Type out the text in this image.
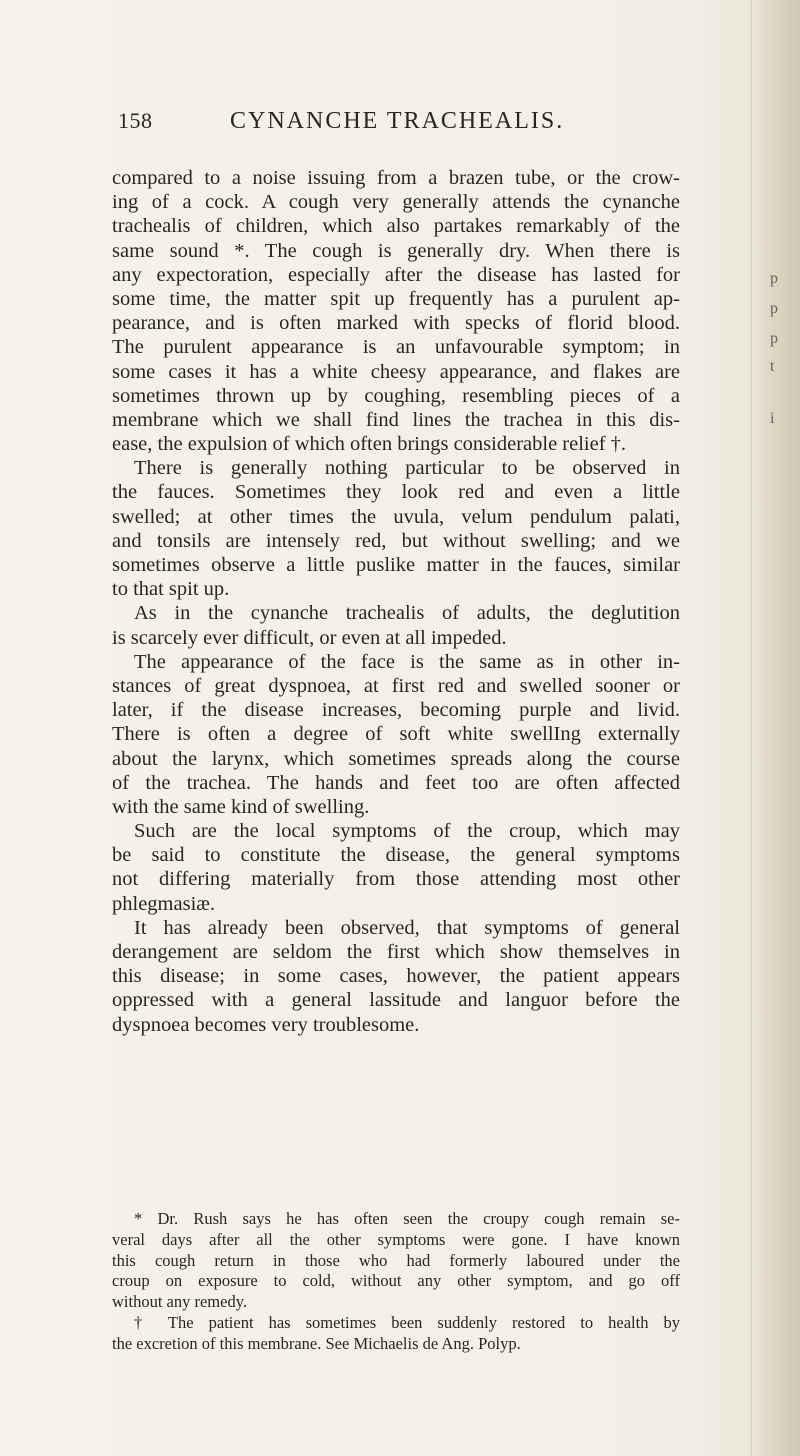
158	CYNANCHE TRACHEALIS.
compared to a noise issuing from a brazen tube, or the crow-
ing of a cock. A cough very generally attends the cynanche
trachealis of children, which also partakes remarkably of the
same sound *. The cough is generally dry. When there is
any expectoration, especially after the disease has lasted for
some time, the matter spit up frequently has a purulent ap-
pearance, and is often marked with specks of florid blood.
The purulent appearance is an unfavourable symptom; in
some cases it has a white cheesy appearance, and flakes are
sometimes thrown up by coughing, resembling pieces of a
membrane which we shall find lines the trachea in this dis-
ease, the expulsion of which often brings considerable relief †.
There is generally nothing particular to be observed in
the fauces. Sometimes they look red and even a little
swelled; at other times the uvula, velum pendulum palati,
and tonsils are intensely red, but without swelling; and we
sometimes observe a little puslike matter in the fauces, similar
to that spit up.
As in the cynanche trachealis of adults, the deglutition
is scarcely ever difficult, or even at all impeded.
The appearance of the face is the same as in other in-
stances of great dyspnoea, at first red and swelled sooner or
later, if the disease increases, becoming purple and livid.
There is often a degree of soft white swellIng externally
about the larynx, which sometimes spreads along the course
of the trachea. The hands and feet too are often affected
with the same kind of swelling.
Such are the local symptoms of the croup, which may
be said to constitute the disease, the general symptoms
not differing materially from those attending most other
phlegmasiæ.
It has already been observed, that symptoms of general
derangement are seldom the first which show themselves in
this disease; in some cases, however, the patient appears
oppressed with a general lassitude and languor before the
dyspnoea becomes very troublesome.
* Dr. Rush says he has often seen the croupy cough remain se-
veral days after all the other symptoms were gone. I have known
this cough return in those who had formerly laboured under the
croup on exposure to cold, without any other symptom, and go off
without any remedy.
† The patient has sometimes been suddenly restored to health by
the excretion of this membrane. See Michaelis de Ang. Polyp.
p
p
p
t
i
